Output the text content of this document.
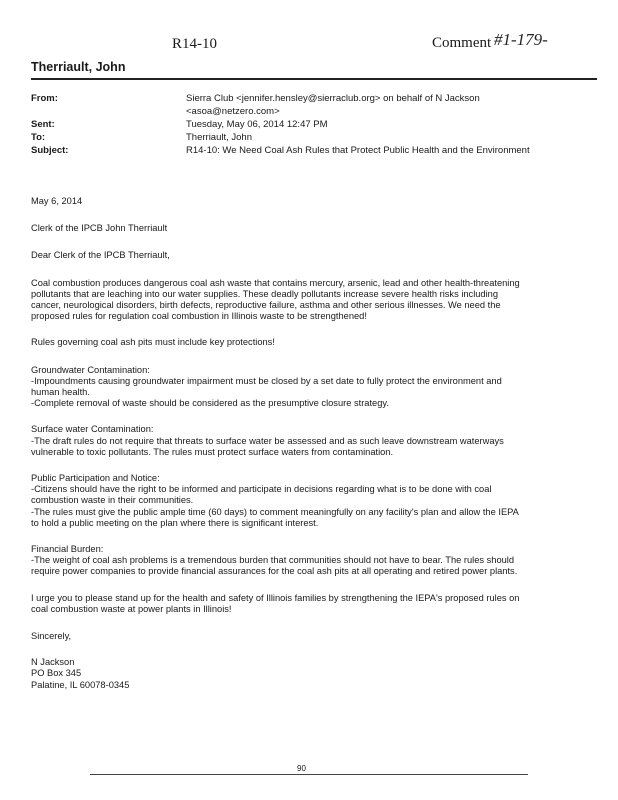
R14-10	Comment #1-179-
Therriault, John
From:	Sierra Club <jennifer.hensley@sierraclub.org> on behalf of N Jackson
<asoa@netzero.com>
Sent:	Tuesday, May 06, 2014 12:47 PM
To:	Therriault, John
Subject:	R14-10: We Need Coal Ash Rules that Protect Public Health and the Environment

May 6, 2014

Clerk of the IPCB John Therriault

Dear Clerk of the IPCB Therriault,

Coal combustion produces dangerous coal ash waste that contains mercury, arsenic, lead and other health-threatening
pollutants that are leaching into our water supplies. These deadly pollutants increase severe health risks including
cancer, neurological disorders, birth defects, reproductive failure, asthma and other serious illnesses. We need the
proposed rules for regulation coal combustion in Illinois waste to be strengthened!

Rules governing coal ash pits must include key protections!

Groundwater Contamination:
-Impoundments causing groundwater impairment must be closed by a set date to fully protect the environment and
human health.
-Complete removal of waste should be considered as the presumptive closure strategy.

Surface water Contamination:
-The draft rules do not require that threats to surface water be assessed and as such leave downstream waterways
vulnerable to toxic pollutants. The rules must protect surface waters from contamination.

Public Participation and Notice:
-Citizens should have the right to be informed and participate in decisions regarding what is to be done with coal
combustion waste in their communities.
-The rules must give the public ample time (60 days) to comment meaningfully on any facility's plan and allow the IEPA
to hold a public meeting on the plan where there is significant interest.

Financial Burden:
-The weight of coal ash problems is a tremendous burden that communities should not have to bear. The rules should
require power companies to provide financial assurances for the coal ash pits at all operating and retired power plants.

I urge you to please stand up for the health and safety of Illinois families by strengthening the IEPA's proposed rules on
coal combustion waste at power plants in Illinois!

Sincerely,

N Jackson
PO Box 345
Palatine, IL 60078-0345

90
